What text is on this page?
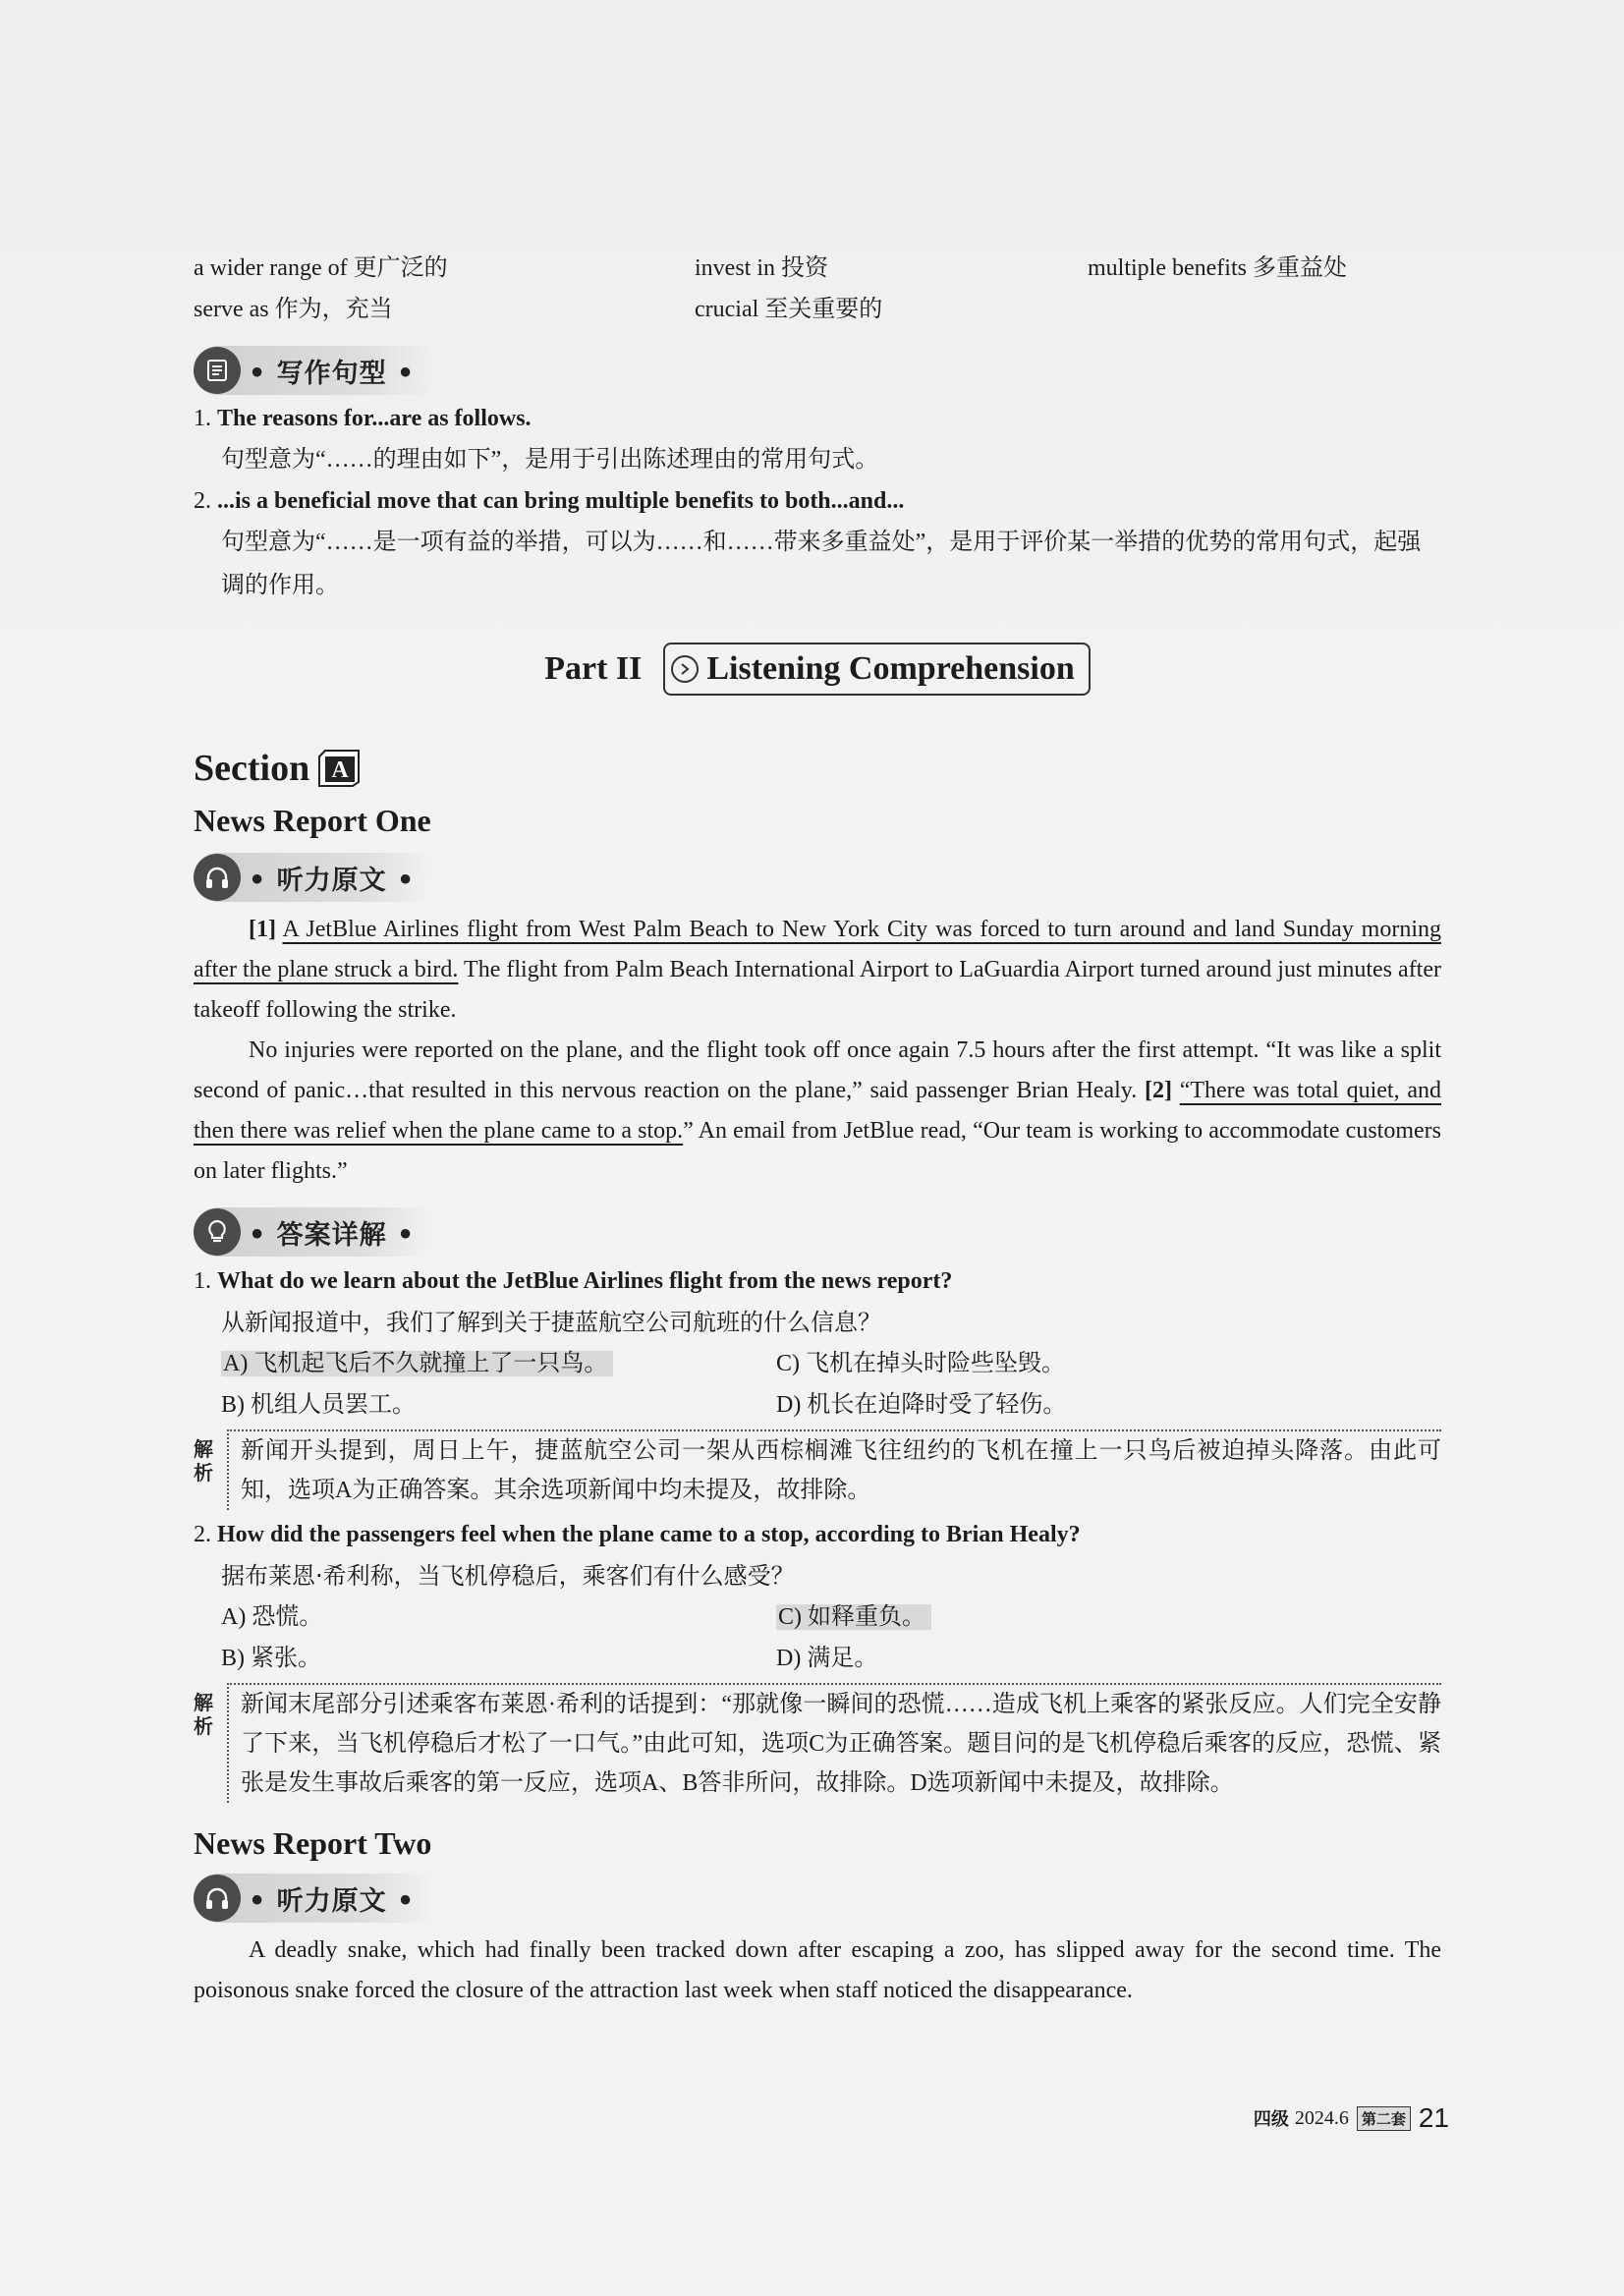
a wider range of 更广泛的	invest in 投资	multiple benefits 多重益处
serve as 作为，充当	crucial 至关重要的
• 写作句型 •
1. The reasons for...are as follows.
句型意为“……的理由如下”，是用于引出陈述理由的常用句式。
2. ...is a beneficial move that can bring multiple benefits to both...and...
句型意为“……是一项有益的举措，可以为……和……带来多重益处”，是用于评价某一举措的优势的常用句式，起强调的作用。
Part II Listening Comprehension
Section A
News Report One
• 听力原文 •

[1] A JetBlue Airlines flight from West Palm Beach to New York City was forced to turn around and land Sunday morning after the plane struck a bird. The flight from Palm Beach International Airport to LaGuardia Airport turned around just minutes after takeoff following the strike.

No injuries were reported on the plane, and the flight took off once again 7.5 hours after the first attempt. “It was like a split second of panic…that resulted in this nervous reaction on the plane,” said passenger Brian Healy. [2] “There was total quiet, and then there was relief when the plane came to a stop.” An email from JetBlue read, “Our team is working to accommodate customers on later flights.”

• 答案详解 •
1. What do we learn about the JetBlue Airlines flight from the news report?
从新闻报道中，我们了解到关于捷蓝航空公司航班的什么信息？
A) 飞机起飞后不久就撞上了一只鸟。	C) 飞机在掉头时险些坠毁。
B) 机组人员罢工。	D) 机长在迫降时受了轻伤。
解析
新闻开头提到，周日上午，捷蓝航空公司一架从西棕榈滩飞往纽约的飞机在撞上一只鸟后被迫掉头降落。由此可知，选项A为正确答案。其余选项新闻中均未提及，故排除。
2. How did the passengers feel when the plane came to a stop, according to Brian Healy?
据布莱恩·希利称，当飞机停稳后，乘客们有什么感受？
A) 恐慌。	C) 如释重负。
B) 紧张。	D) 满足。
解析
新闻末尾部分引述乘客布莱恩·希利的话提到：“那就像一瞬间的恐慌……造成飞机上乘客的紧张反应。人们完全安静了下来，当飞机停稳后才松了一口气。”由此可知，选项C为正确答案。题目问的是飞机停稳后乘客的反应，恐慌、紧张是发生事故后乘客的第一反应，选项A、B答非所问，故排除。D选项新闻中未提及，故排除。
News Report Two
• 听力原文 •

A deadly snake, which had finally been tracked down after escaping a zoo, has slipped away for the second time. The poisonous snake forced the closure of the attraction last week when staff noticed the disappearance.

四级 2024.6 第二套 21
